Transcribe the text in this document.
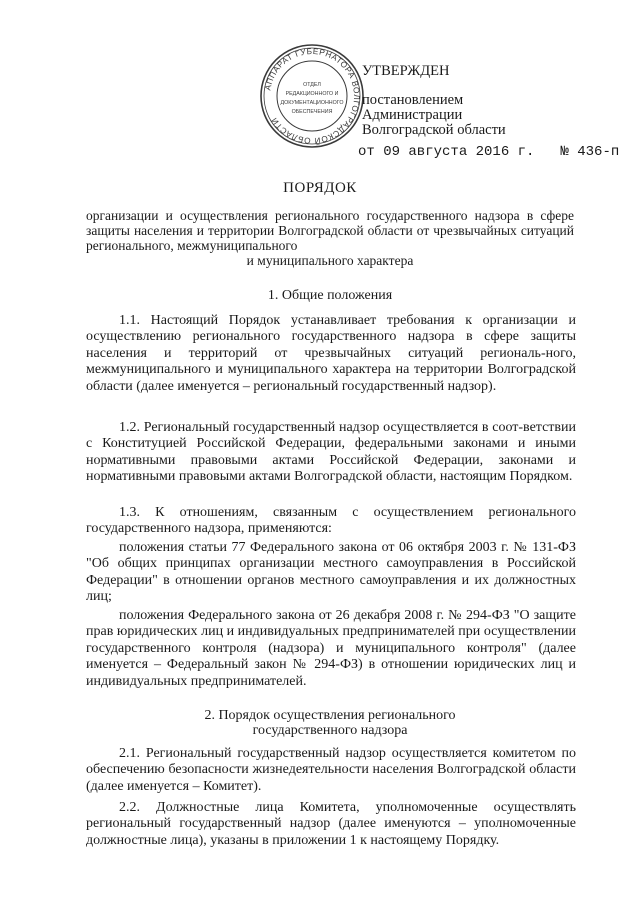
АППАРАТ ГУБЕРНАТОРА ВОЛГОГРАДСКОЙ ОБЛАСТИ
ОТДЕЛ
РЕДАКЦИОННОГО И
ДОКУМЕНТАЦИОННОГО
ОБЕСПЕЧЕНИЯ
УТВЕРЖДЕН
постановлением
Администрации
Волгоградской области
от 09 августа 2016 г. № 436-п
ПОРЯДОК
организации и осуществления регионального государственного надзора в сфере защиты населения и территории Волгоградской области от чрезвычайных ситуаций регионального, межмуниципального
и муниципального характера
1. Общие положения
1.1. Настоящий Порядок устанавливает требования к организации и осуществлению регионального государственного надзора в сфере защиты населения и территорий от чрезвычайных ситуаций региональ-ного, межмуниципального и муниципального характера на территории Волгоградской области (далее именуется – региональный государственный надзор).
1.2. Региональный государственный надзор осуществляется в соот-ветствии с Конституцией Российской Федерации, федеральными законами и иными нормативными правовыми актами Российской Федерации, законами и нормативными правовыми актами Волгоградской области, настоящим Порядком.
1.3. К отношениям, связанным с осуществлением регионального государственного надзора, применяются:
положения статьи 77 Федерального закона от 06 октября 2003 г. № 131-ФЗ "Об общих принципах организации местного самоуправления в Российской Федерации" в отношении органов местного самоуправления и их должностных лиц;
положения Федерального закона от 26 декабря 2008 г. № 294-ФЗ "О защите прав юридических лиц и индивидуальных предпринимателей при осуществлении государственного контроля (надзора) и муниципального контроля" (далее именуется – Федеральный закон № 294-ФЗ) в отношении юридических лиц и индивидуальных предпринимателей.
2. Порядок осуществления регионального
государственного надзора
2.1. Региональный государственный надзор осуществляется комитетом по обеспечению безопасности жизнедеятельности населения Волгоградской области (далее именуется – Комитет).
2.2. Должностные лица Комитета, уполномоченные осуществлять региональный государственный надзор (далее именуются – уполномоченные должностные лица), указаны в приложении 1 к настоящему Порядку.
